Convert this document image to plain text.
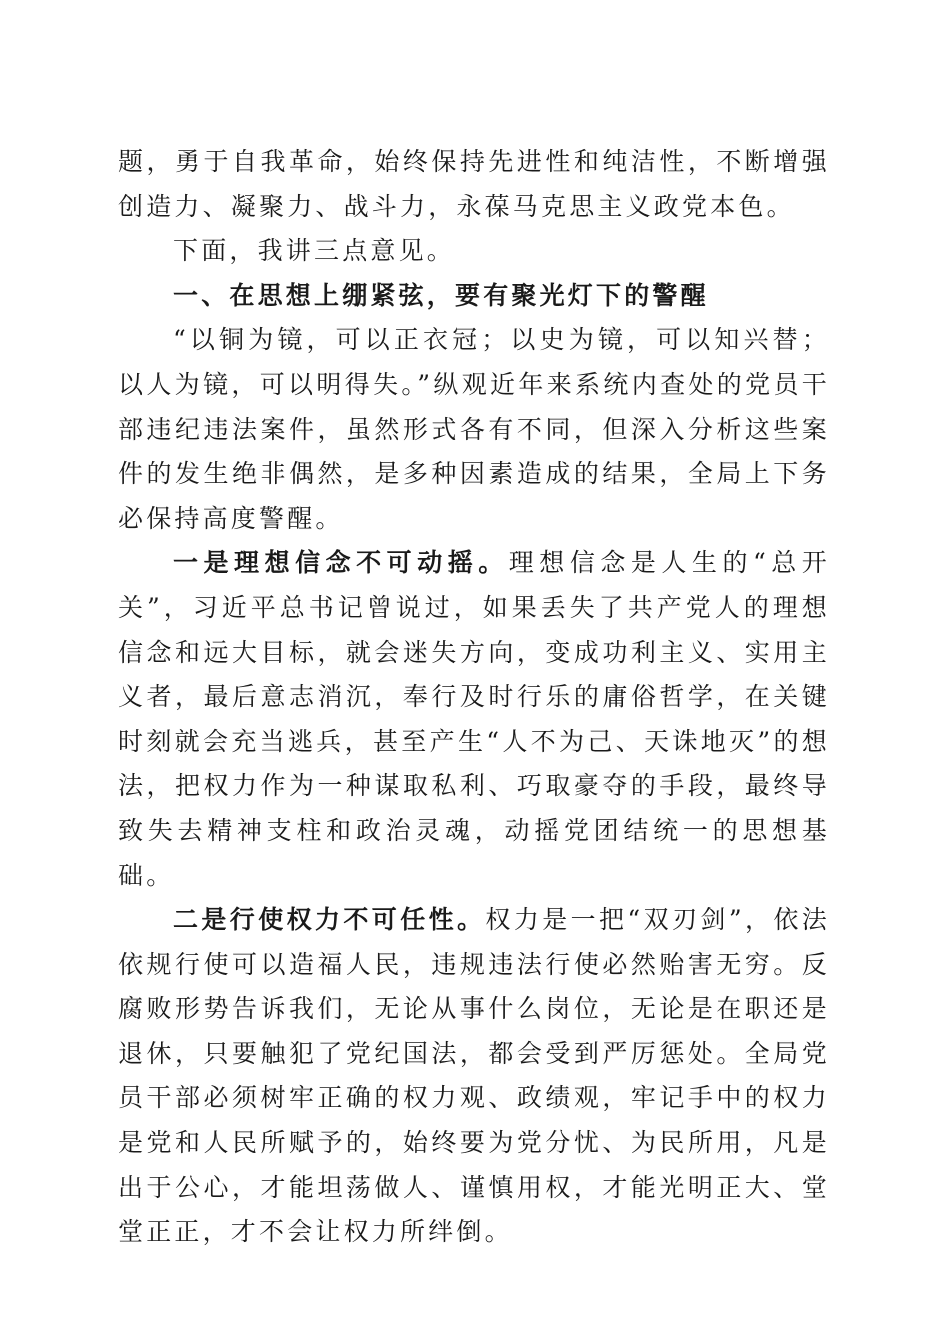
题，勇于自我革命，始终保持先进性和纯洁性，不断增强创造力、凝聚力、战斗力，永葆马克思主义政党本色。

下面，我讲三点意见。

一、在思想上绷紧弦，要有聚光灯下的警醒

“以铜为镜，可以正衣冠；以史为镜，可以知兴替；以人为镜，可以明得失。”纵观近年来系统内查处的党员干部违纪违法案件，虽然形式各有不同，但深入分析这些案件的发生绝非偶然，是多种因素造成的结果，全局上下务必保持高度警醒。

一是理想信念不可动摇。理想信念是人生的“总开关”，习近平总书记曾说过，如果丢失了共产党人的理想信念和远大目标，就会迷失方向，变成功利主义、实用主义者，最后意志消沉，奉行及时行乐的庸俗哲学，在关键时刻就会充当逃兵，甚至产生“人不为己、天诛地灭”的想法，把权力作为一种谋取私利、巧取豪夺的手段，最终导致失去精神支柱和政治灵魂，动摇党团结统一的思想基础。

二是行使权力不可任性。权力是一把“双刃剑”，依法依规行使可以造福人民，违规违法行使必然贻害无穷。反腐败形势告诉我们，无论从事什么岗位，无论是在职还是退休，只要触犯了党纪国法，都会受到严厉惩处。全局党员干部必须树牢正确的权力观、政绩观，牢记手中的权力是党和人民所赋予的，始终要为党分忧、为民所用，凡是出于公心，才能坦荡做人、谨慎用权，才能光明正大、堂堂正正，才不会让权力所绊倒。
